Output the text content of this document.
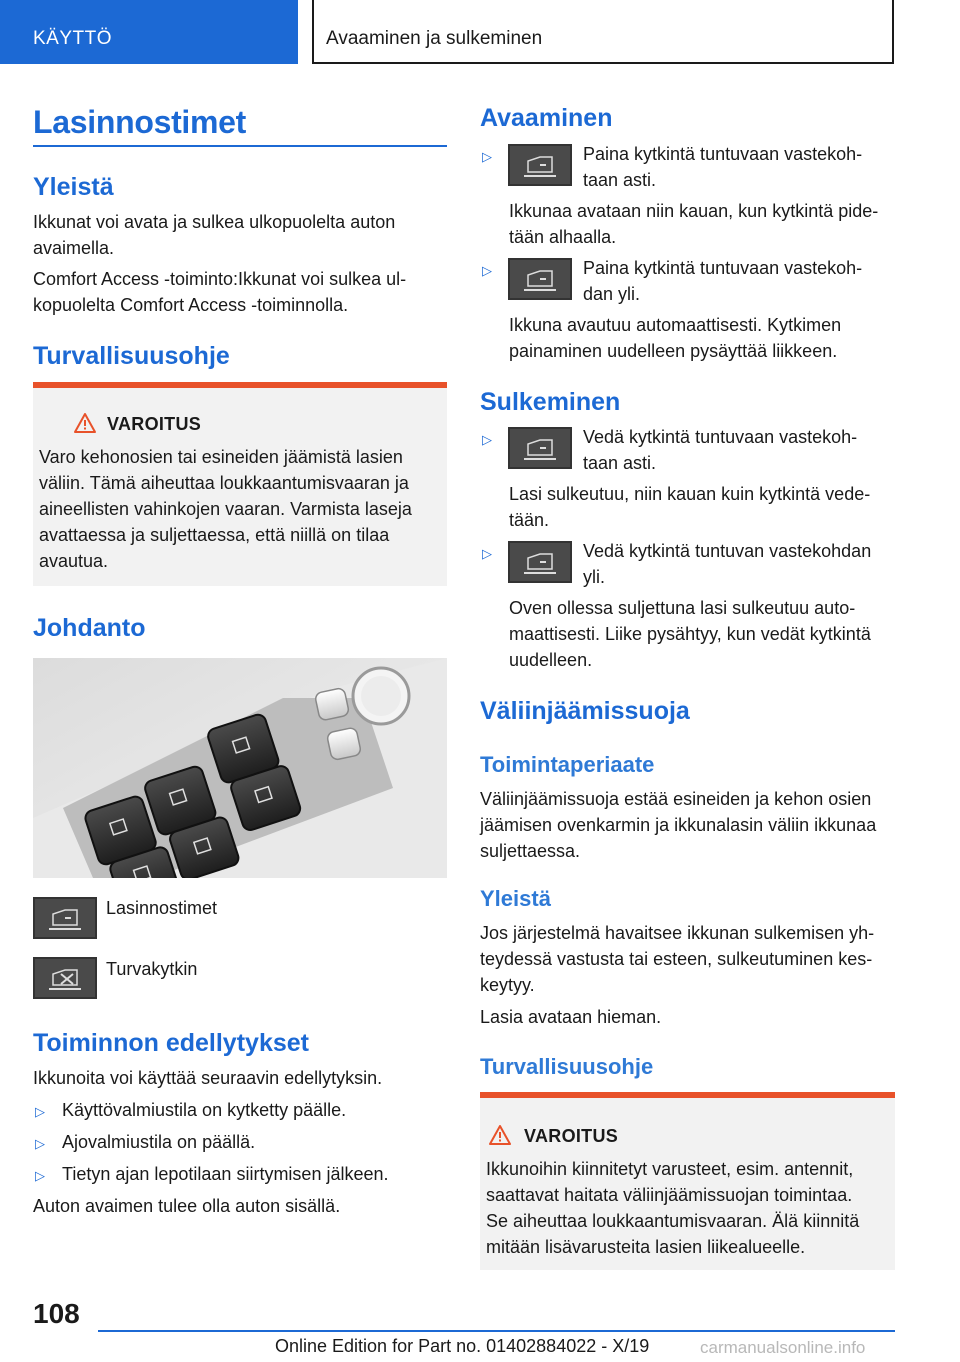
KÄYTTÖ	Avaaminen ja sulkeminen
Lasinnostimet
Yleistä
Ikkunat voi avata ja sulkea ulkopuolelta auton
avaimella.
Comfort Access -toiminto:Ikkunat voi sulkea ul-
kopuolelta Comfort Access -toiminnolla.
Turvallisuusohje
VAROITUS
Varo kehonosien tai esineiden jäämistä lasien
väliin. Tämä aiheuttaa loukkaantumisvaaran ja
aineellisten vahinkojen vaaran. Varmista laseja
avattaessa ja suljettaessa, että niillä on tilaa
avautua.
Johdanto
Lasinnostimet
Turvakytkin
Toiminnon edellytykset
Ikkunoita voi käyttää seuraavin edellytyksin.
▷ Käyttövalmiustila on kytketty päälle.
▷ Ajovalmiustila on päällä.
▷ Tietyn ajan lepotilaan siirtymisen jälkeen.
Auton avaimen tulee olla auton sisällä.
Avaaminen
▷	Paina kytkintä tuntuvaan vastekoh-
taan asti.
Ikkunaa avataan niin kauan, kun kytkintä pide-
tään alhaalla.
▷	Paina kytkintä tuntuvaan vastekoh-
dan yli.
Ikkuna avautuu automaattisesti. Kytkimen
painaminen uudelleen pysäyttää liikkeen.
Sulkeminen
▷	Vedä kytkintä tuntuvaan vastekoh-
taan asti.
Lasi sulkeutuu, niin kauan kuin kytkintä vede-
tään.
▷	Vedä kytkintä tuntuvan vastekohdan
yli.
Oven ollessa suljettuna lasi sulkeutuu auto-
maattisesti. Liike pysähtyy, kun vedät kytkintä
uudelleen.
Väliinjäämissuoja
Toimintaperiaate
Väliinjäämissuoja estää esineiden ja kehon osien
jäämisen ovenkarmin ja ikkunalasin väliin ikkunaa
suljettaessa.
Yleistä
Jos järjestelmä havaitsee ikkunan sulkemisen yh-
teydessä vastusta tai esteen, sulkeutuminen kes-
keytyy.
Lasia avataan hieman.
Turvallisuusohje
VAROITUS
Ikkunoihin kiinnitetyt varusteet, esim. antennit,
saattavat haitata väliinjäämissuojan toimintaa.
Se aiheuttaa loukkaantumisvaaran. Älä kiinnitä
mitään lisävarusteita lasien liikealueelle.
108
Online Edition for Part no. 01402884022 - X/19	carmanualsonline.info
